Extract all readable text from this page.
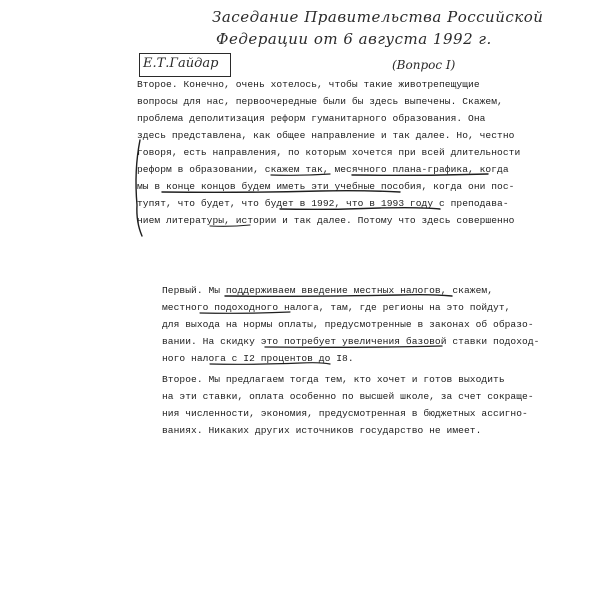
Заседание Правительства Российской
Федерации от 6 августа 1992 г.
Е.Т.Гайдар	(Вопрос I)
Второе. Конечно, очень хотелось, чтобы такие животрепещущие
вопросы для нас, первоочередные были бы здесь выпечены. Скажем,
проблема деполитизация реформ гуманитарного образования. Она
здесь представлена, как общее направление и так далее. Но, честно
говоря, есть направления, по которым хочется при всей длительности
реформ в образовании, скажем так, месячного плана-графика, когда
мы в конце концов будем иметь эти учебные пособия, когда они пос-
тупят, что будет, что будет в 1992, что в 1993 году с преподава-
нием литературы, истории и так далее. Потому что здесь совершенно
Первый. Мы поддерживаем введение местных налогов, скажем,
местного подоходного налога, там, где регионы на это пойдут,
для выхода на нормы оплаты, предусмотренные в законах об образо-
вании. На скидку это потребует увеличения базовой ставки подоход-
ного налога с I2 процентов до I8.
Второе. Мы предлагаем тогда тем, кто хочет и готов выходить
на эти ставки, оплата особенно по высшей школе, за счет сокраще-
ния численности, экономия, предусмотренная в бюджетных ассигно-
ваниях. Никаких других источников государство не имеет.
